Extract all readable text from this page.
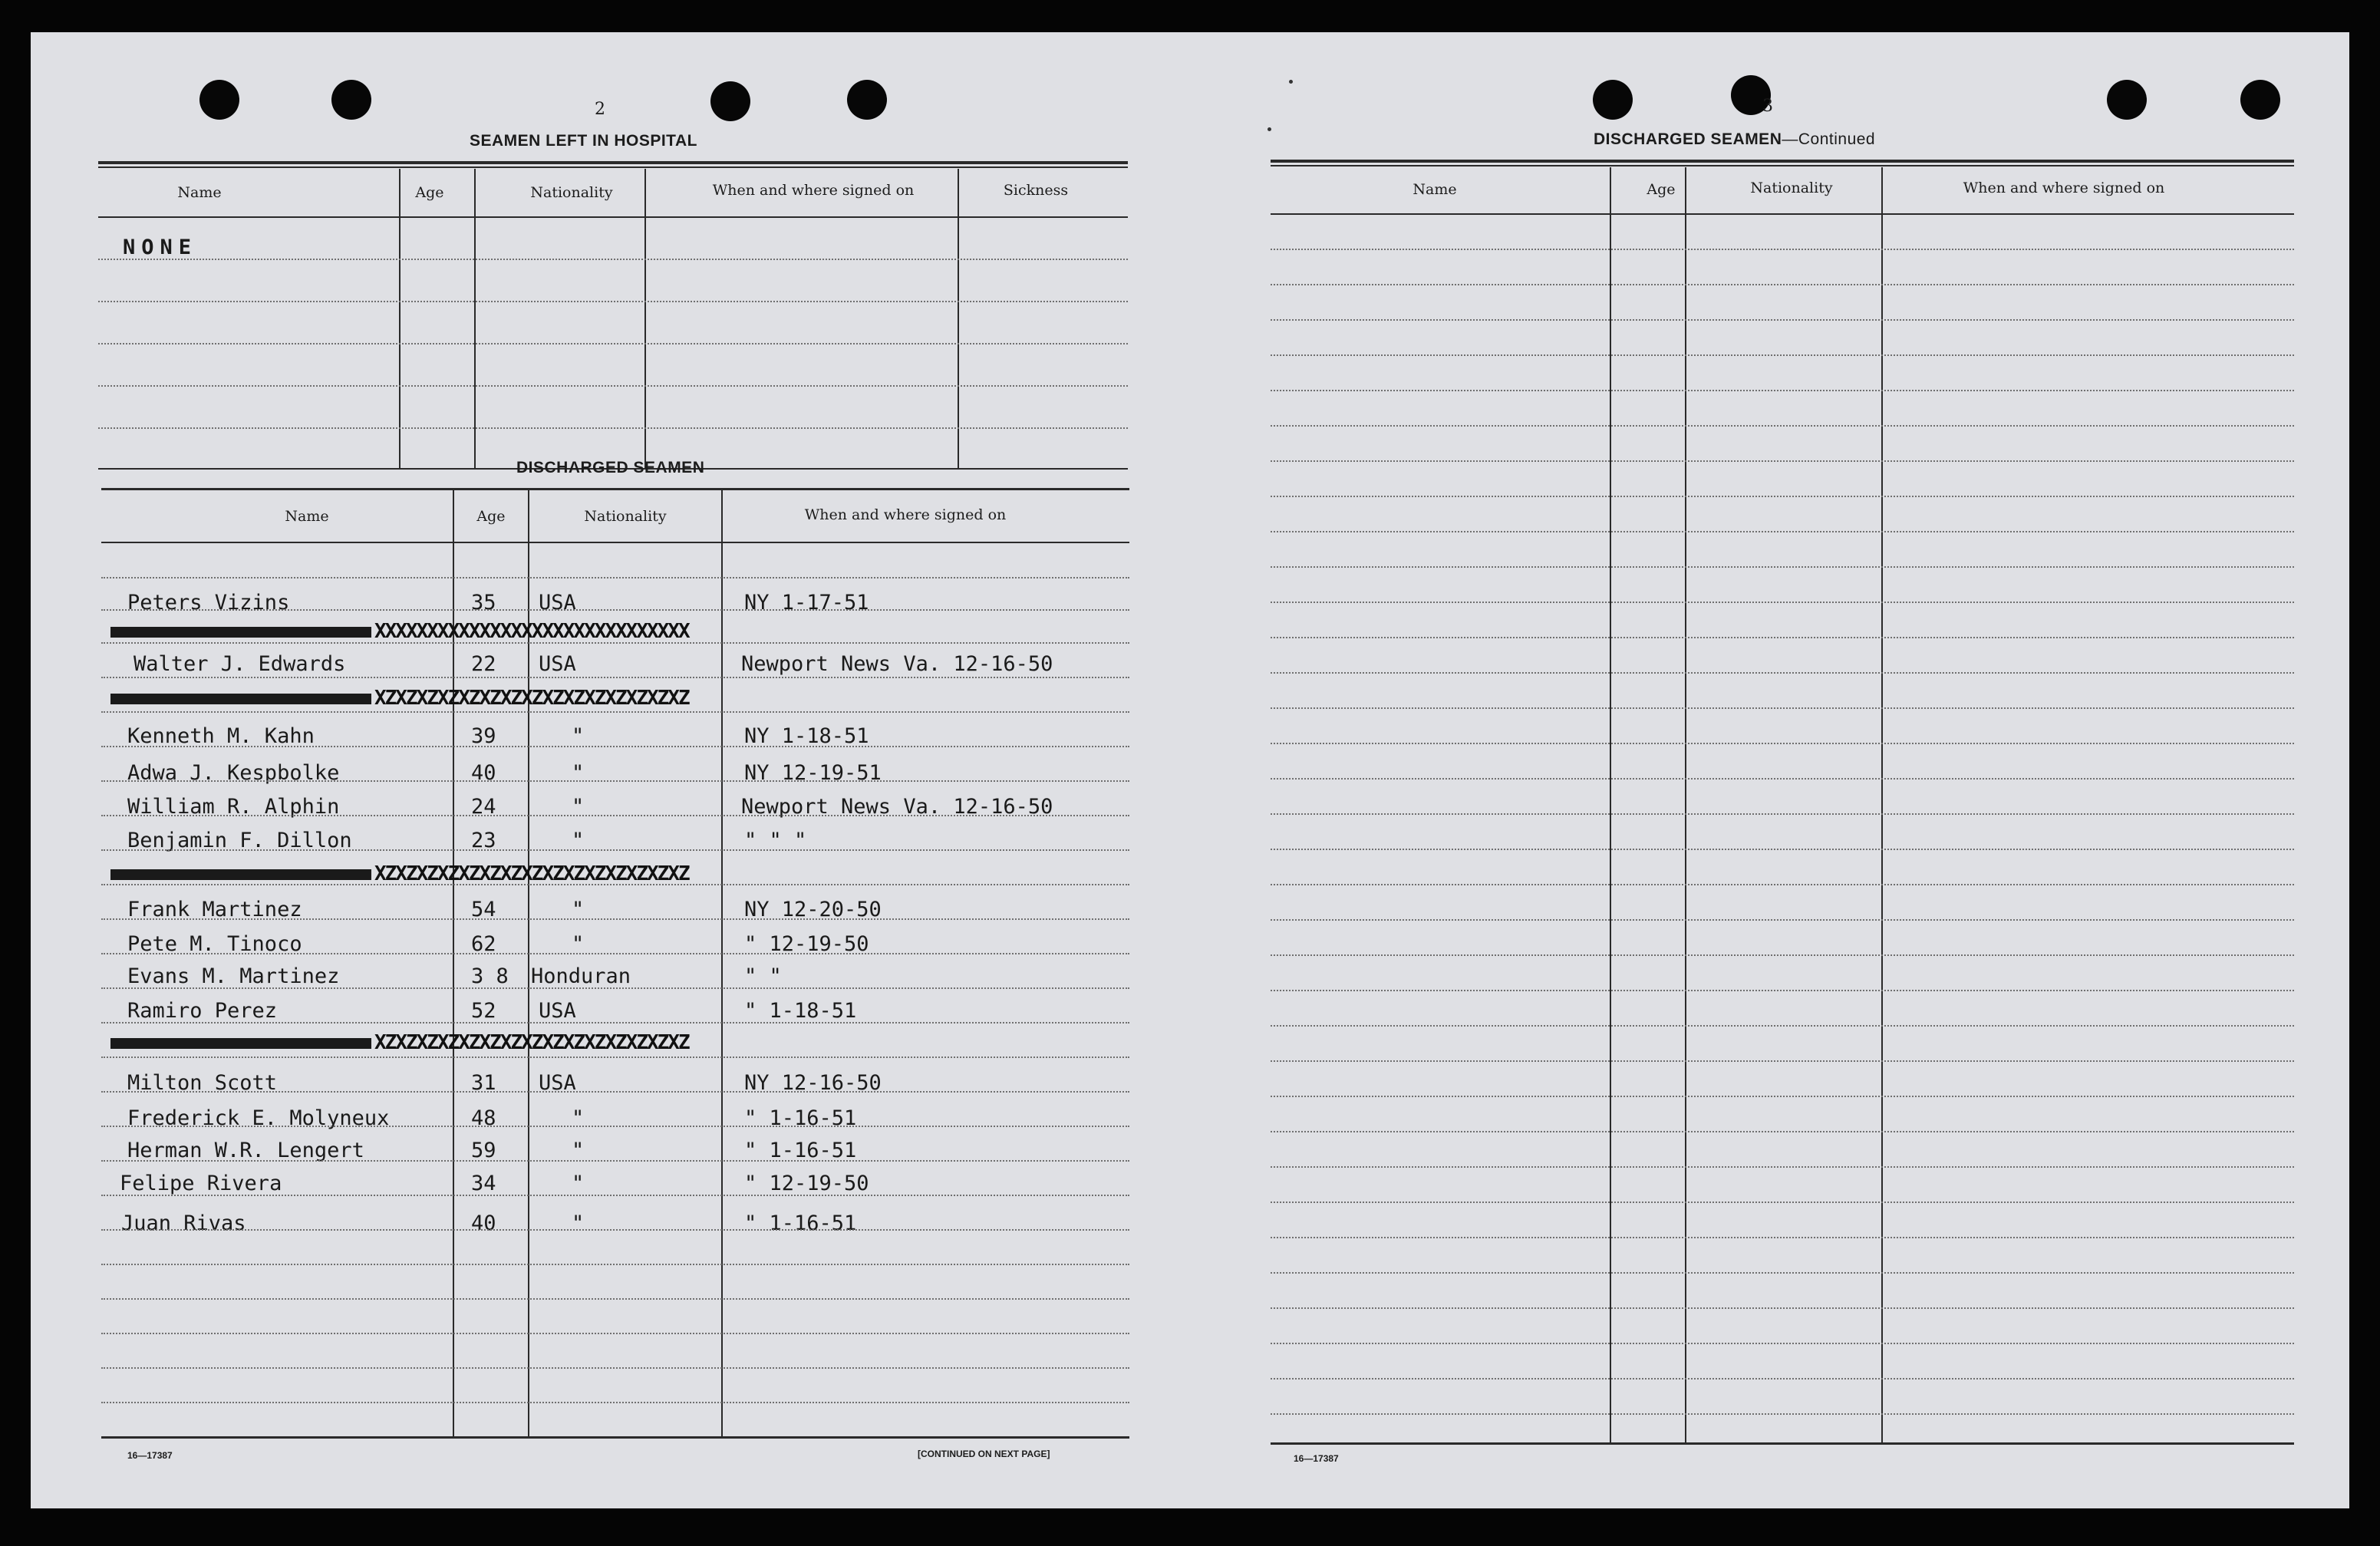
2
SEAMEN LEFT IN HOSPITAL
Name	Age	Nationality	When and where signed on	Sickness
NONE
DISCHARGED SEAMEN
Name	Age	Nationality	When and where signed on
Peters Vizins	35 USA	NY 1-17-51
XXXXXXXXXXXXXXXXXXXXXXXXXXXXXX
Walter J. Edwards	22 USA	Newport News Va. 12-16-50
XZXZXZXZXZXZXZXZXZXZXZXZXZXZXZ
Kenneth M. Kahn	39	"	NY 1-18-51
Adwa J. Kespbolke	40	"	NY 12-19-51
William R. Alphin	24	"	Newport News Va. 12-16-50
Benjamin F. Dillon	23	"	" " "
XZXZXZXZXZXZXZXZXZXZXZXZXZXZXZ
Frank Martinez	54	"	NY 12-20-50
Pete M. Tinoco	62	"	" 12-19-50
Evans M. Martinez	3 8 Honduran	" "
Ramiro Perez	52 USA	" 1-18-51
XZXZXZXZXZXZXZXZXZXZXZXZXZXZXZ
Milton Scott	31 USA	NY 12-16-50
Frederick E. Molyneux	48	"	" 1-16-51
Herman W.R. Lengert	59	"	" 1-16-51
Felipe Rivera	34	"	" 12-19-50
Juan Rivas	40	"	" 1-16-51
16—17387	[CONTINUED ON NEXT PAGE]
3
DISCHARGED SEAMEN—Continued
Name	Age	Nationality	When and where signed on
16—17387
